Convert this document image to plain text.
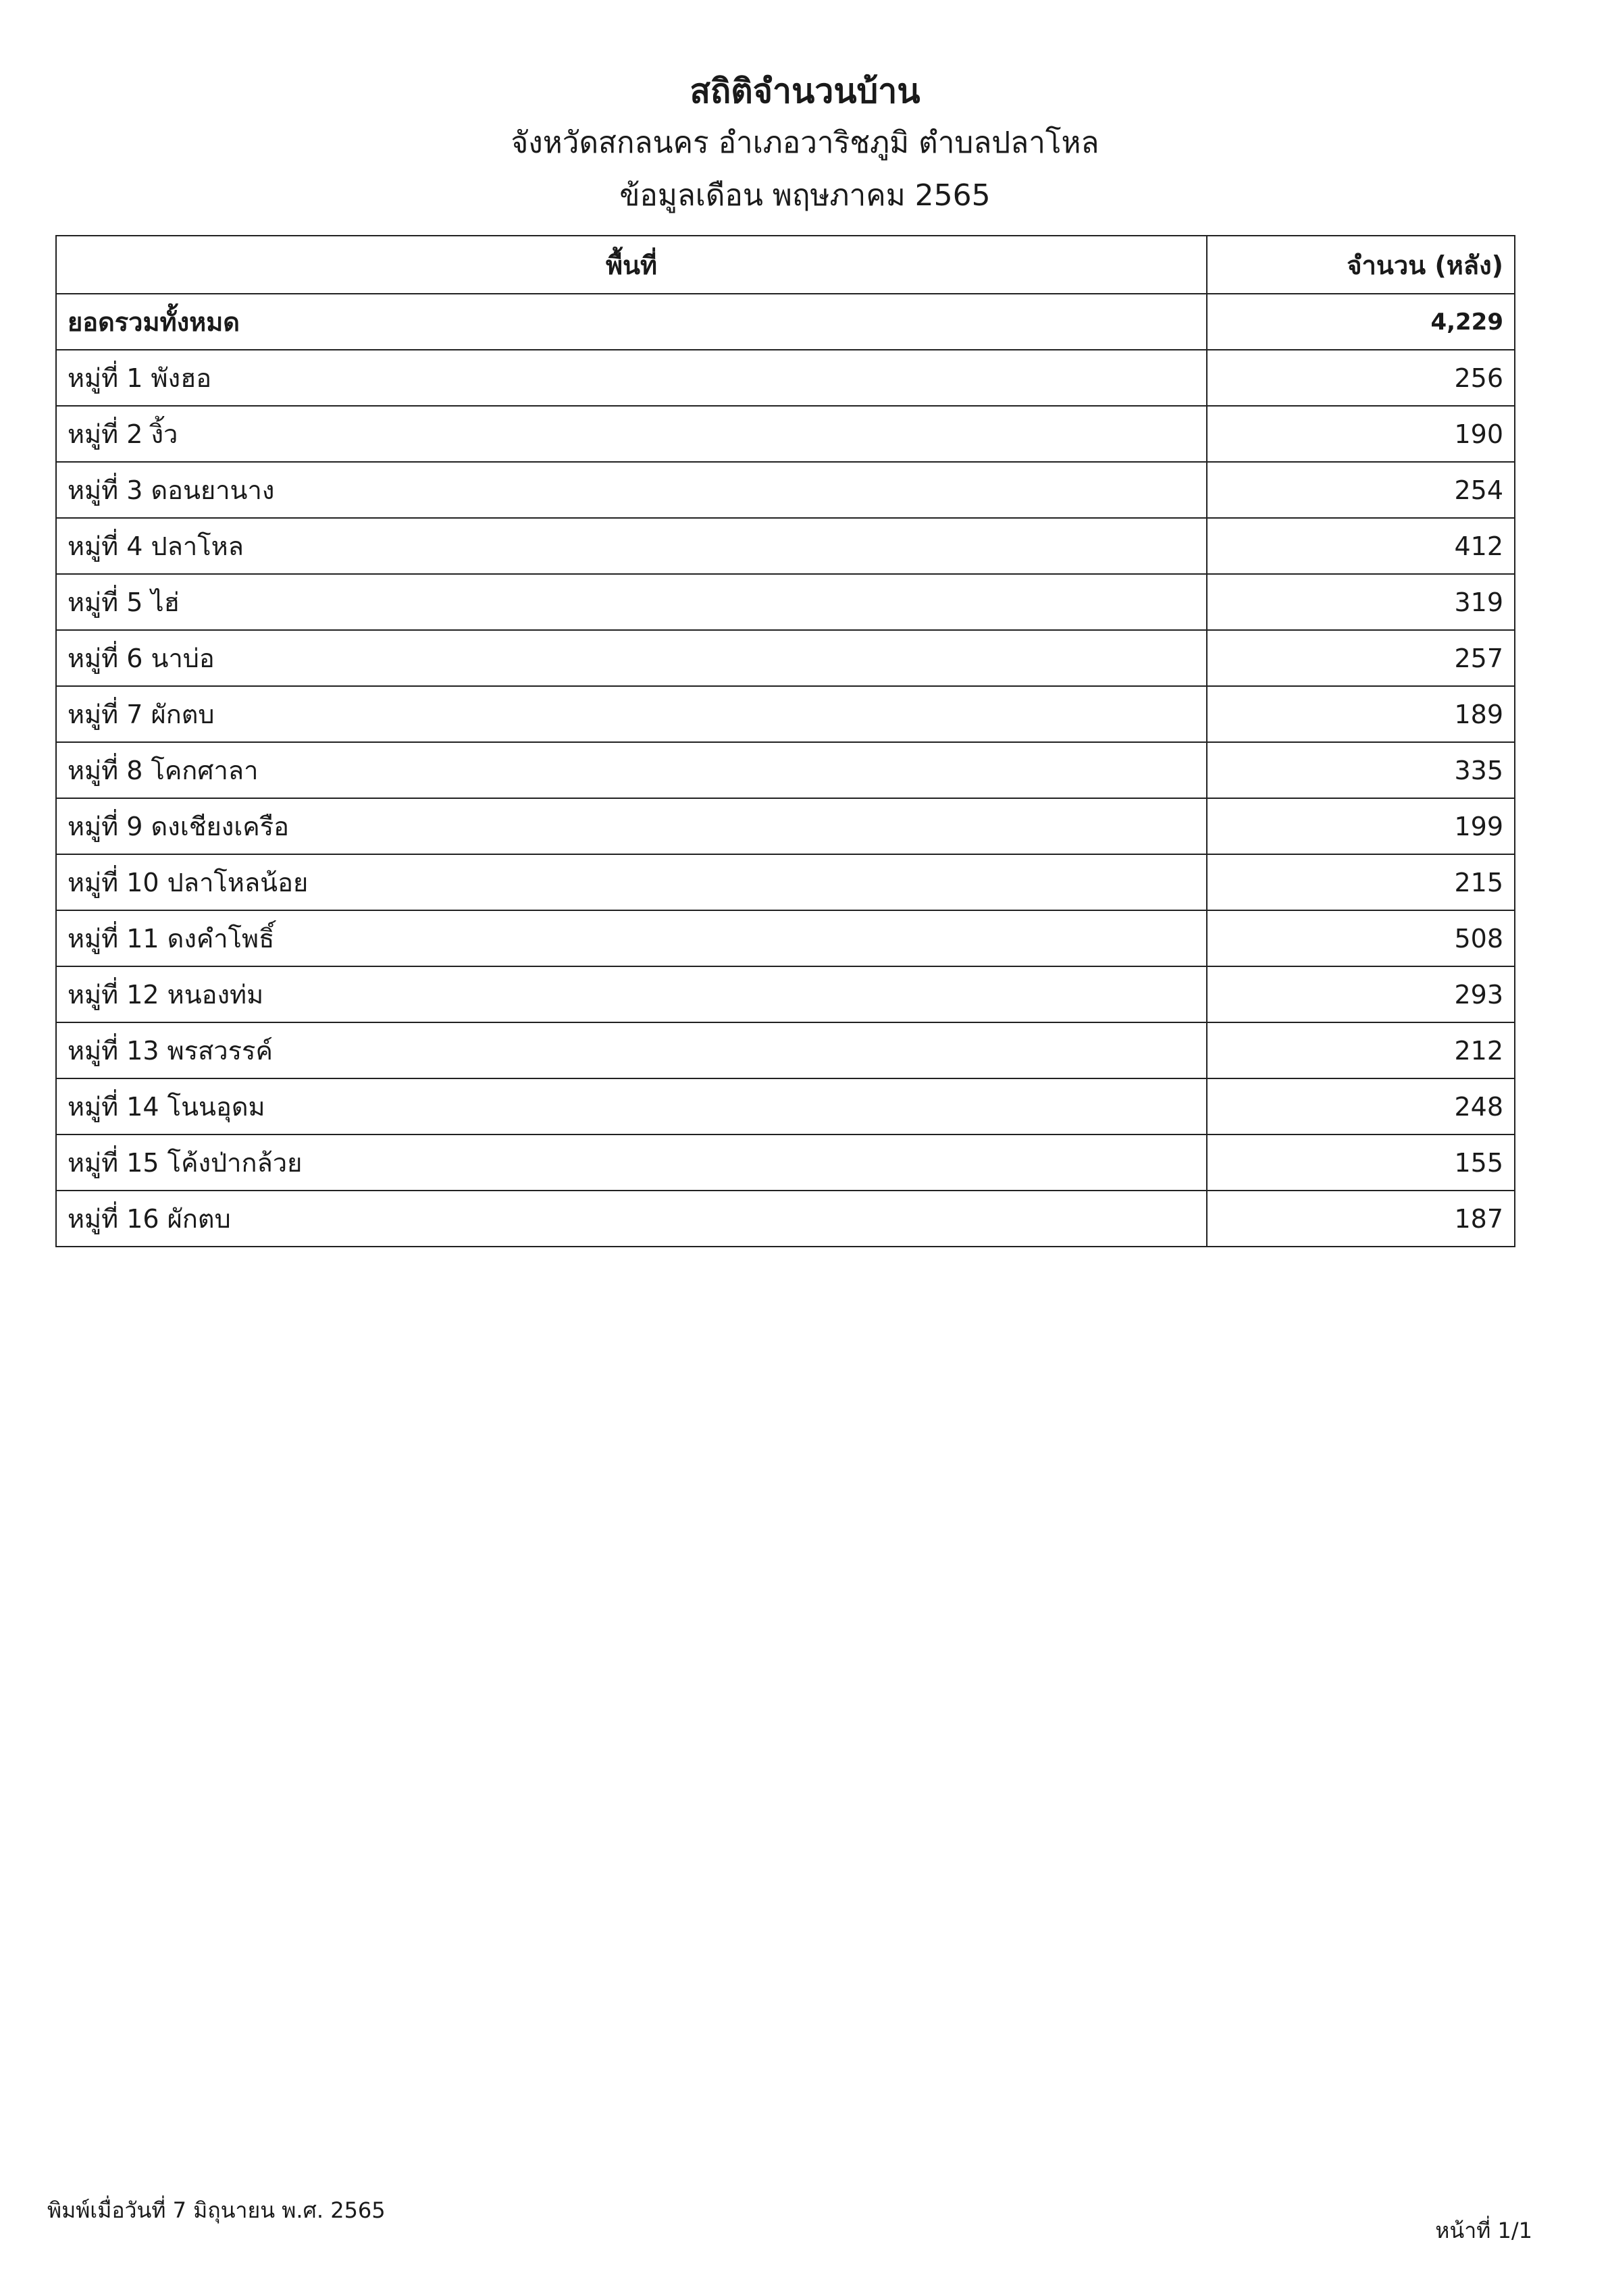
สถิติจำนวนบ้าน
จังหวัดสกลนคร อำเภอวาริชภูมิ ตำบลปลาโหล
ข้อมูลเดือน พฤษภาคม 2565
พื้นที่	จำนวน (หลัง)
ยอดรวมทั้งหมด	4,229
หมู่ที่ 1 พังฮอ	256
หมู่ที่ 2 งิ้ว	190
หมู่ที่ 3 ดอนยานาง	254
หมู่ที่ 4 ปลาโหล	412
หมู่ที่ 5 ไฮ่	319
หมู่ที่ 6 นาบ่อ	257
หมู่ที่ 7 ผักตบ	189
หมู่ที่ 8 โคกศาลา	335
หมู่ที่ 9 ดงเชียงเครือ	199
หมู่ที่ 10 ปลาโหลน้อย	215
หมู่ที่ 11 ดงคำโพธิ์	508
หมู่ที่ 12 หนองท่ม	293
หมู่ที่ 13 พรสวรรค์	212
หมู่ที่ 14 โนนอุดม	248
หมู่ที่ 15 โค้งป่ากล้วย	155
หมู่ที่ 16 ผักตบ	187
พิมพ์เมื่อวันที่ 7 มิถุนายน พ.ศ. 2565
หน้าที่ 1/1
